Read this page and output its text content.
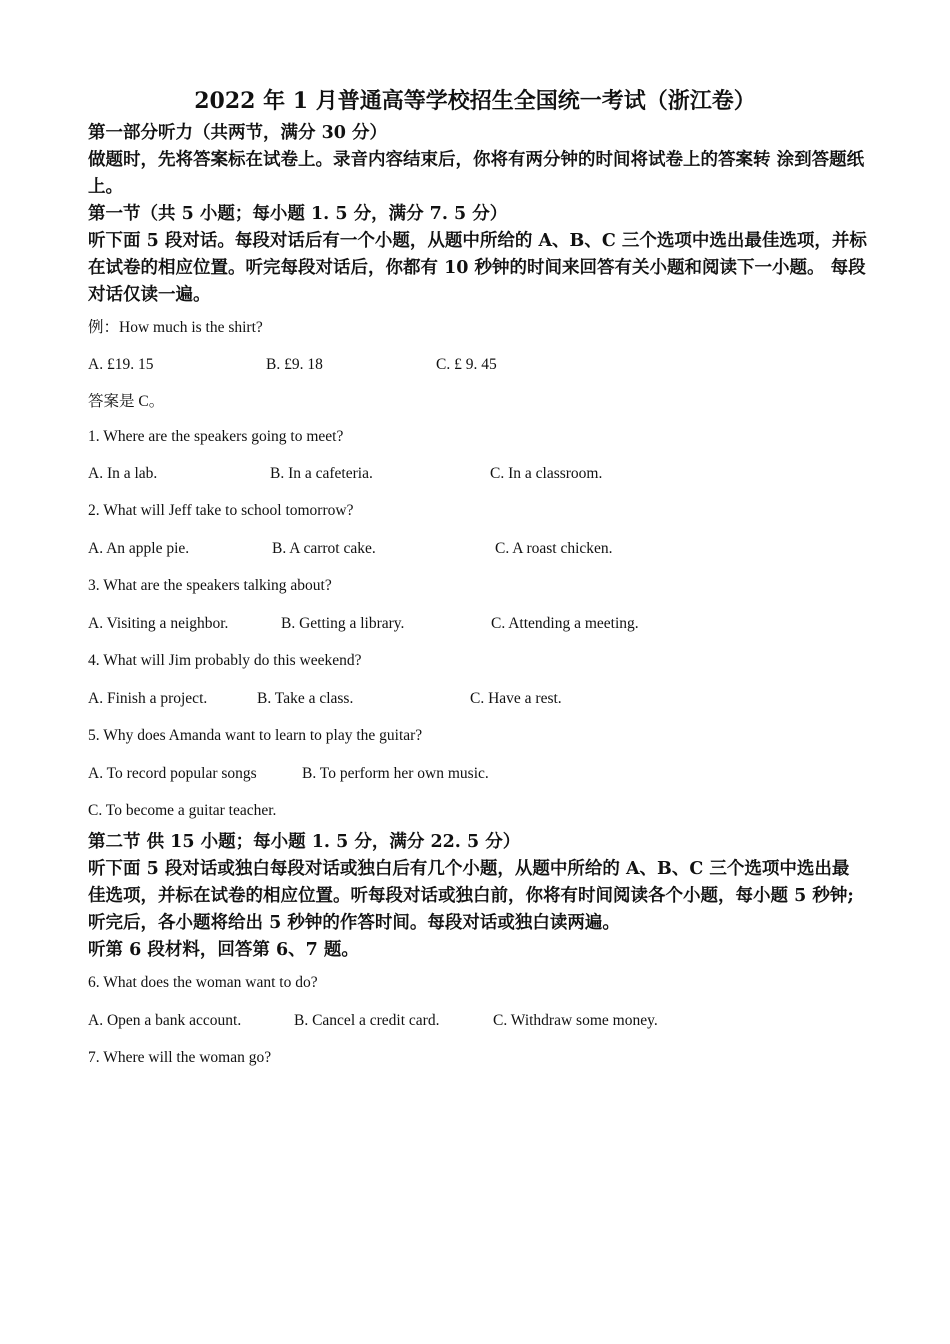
2022 年 1 月普通高等学校招生全国统一考试（浙江卷）
第一部分听力（共两节，满分 30 分）
做题时，先将答案标在试卷上。录音内容结束后，你将有两分钟的时间将试卷上的答案转 涂到答题纸上。
第一节（共 5 小题；每小题 1. 5 分，满分 7. 5 分）
听下面 5 段对话。每段对话后有一个小题，从题中所给的 A、B、C 三个选项中选出最佳选项，并标在试卷的相应位置。听完每段对话后，你都有 10 秒钟的时间来回答有关小题和阅读下一小题。 每段对话仅读一遍。
例：How much is the shirt?
A. £19. 15	B. £9. 18	C. £ 9. 45
答案是 C。
1. Where are the speakers going to meet?
A. In a lab.	B. In a cafeteria.	C. In a classroom.
2. What will Jeff take to school tomorrow?
A. An apple pie.	B. A carrot cake.	C. A roast chicken.
3. What are the speakers talking about?
A. Visiting a neighbor.	B. Getting a library.	C. Attending a meeting.
4. What will Jim probably do this weekend?
A. Finish a project.	B. Take a class.	C. Have a rest.
5. Why does Amanda want to learn to play the guitar?
A. To record popular songs	B. To perform her own music.
C. To become a guitar teacher.
第二节 供 15 小题；每小题 1. 5 分，满分 22. 5 分）
听下面 5 段对话或独白每段对话或独白后有几个小题，从题中所给的 A、B、C 三个选项中选出最 佳选项，并标在试卷的相应位置。听每段对话或独白前，你将有时间阅读各个小题，每小题 5 秒钟;听完后，各小题将给出 5 秒钟的作答时间。每段对话或独白读两遍。
听第 6 段材料，回答第 6、7 题。
6. What does the woman want to do?
A. Open a bank account.	B. Cancel a credit card.	C. Withdraw some money.
7. Where will the woman go?
